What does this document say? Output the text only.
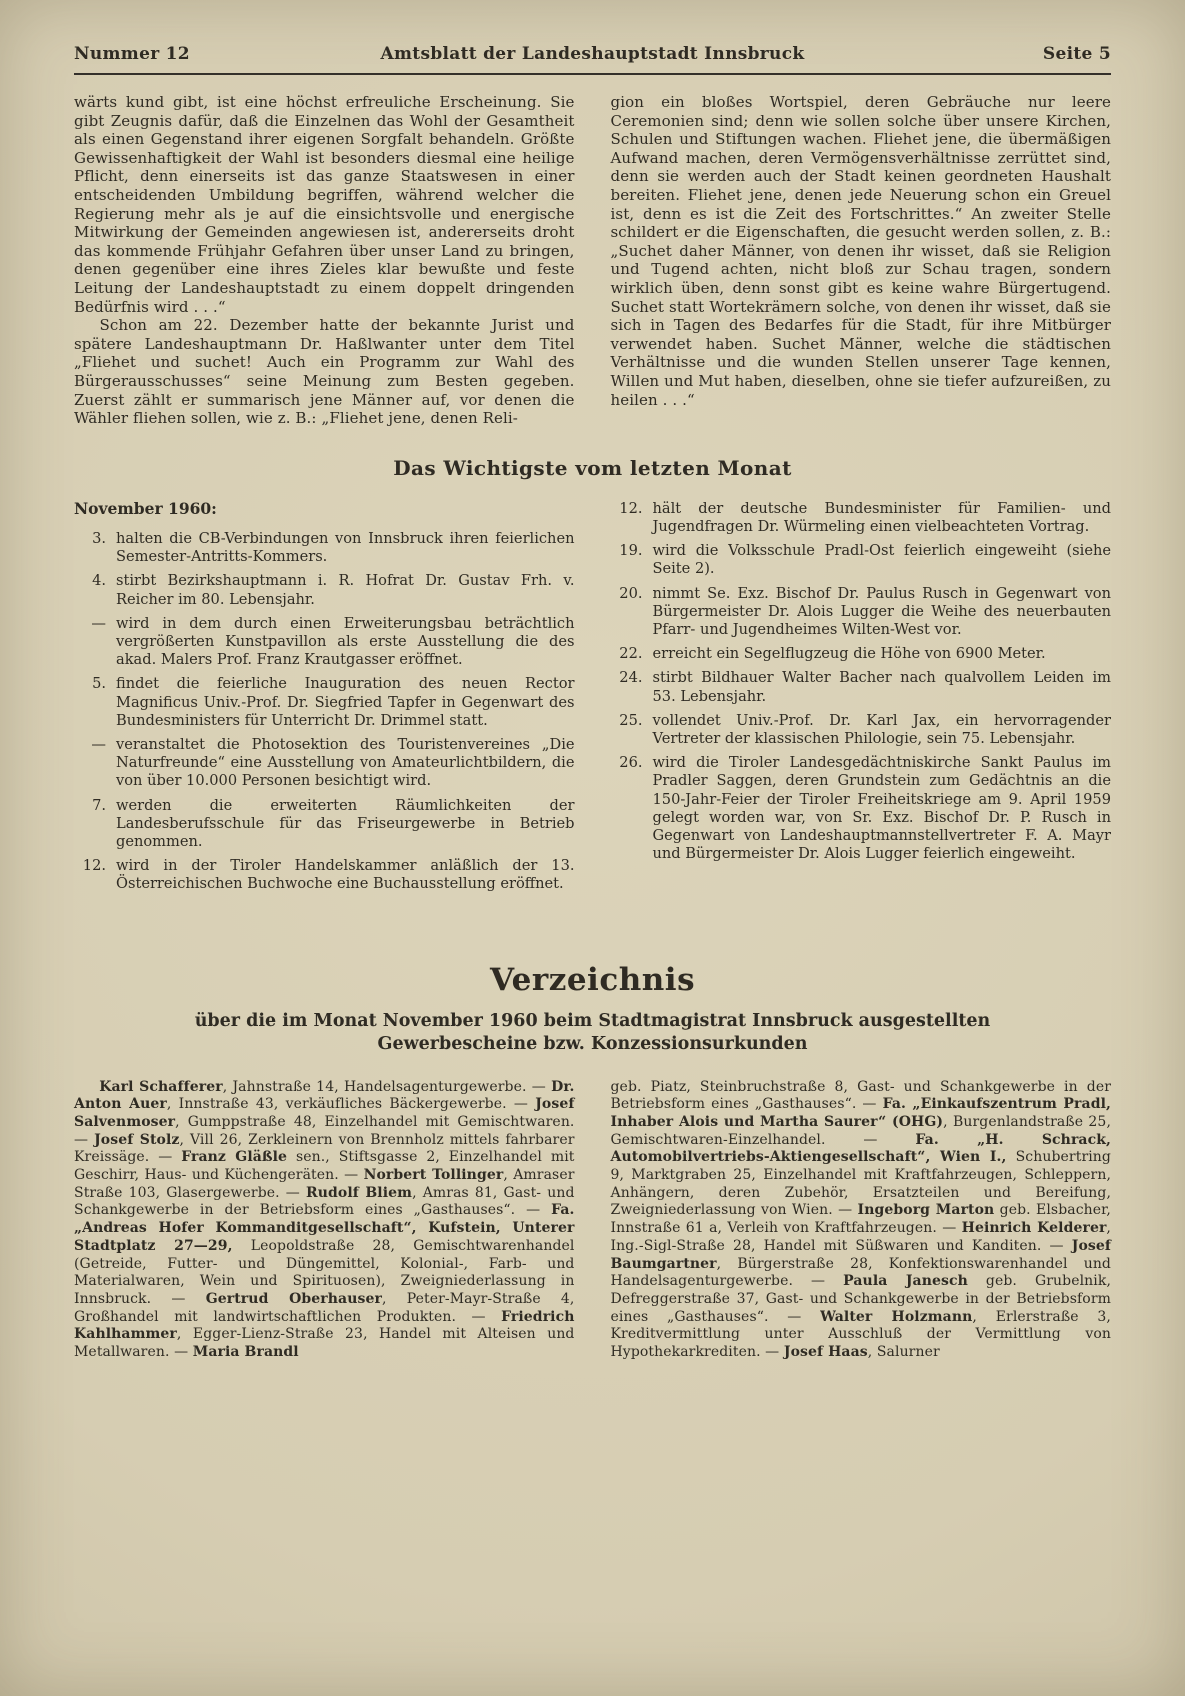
Nummer 12	Amtsblatt der Landeshauptstadt Innsbruck	Seite 5

wärts kund gibt, ist eine höchst erfreuliche Erscheinung. Sie gibt Zeugnis dafür, daß die Einzelnen das Wohl der Gesamtheit als einen Gegenstand ihrer eigenen Sorgfalt behandeln. Größte Gewissenhaftigkeit der Wahl ist besonders diesmal eine heilige Pflicht, denn einerseits ist das ganze Staatswesen in einer entscheidenden Umbildung begriffen, während welcher die Regierung mehr als je auf die einsichtsvolle und energische Mitwirkung der Gemeinden angewiesen ist, andererseits droht das kommende Frühjahr Gefahren über unser Land zu bringen, denen gegenüber eine ihres Zieles klar bewußte und feste Leitung der Landeshauptstadt zu einem doppelt dringenden Bedürfnis wird . . .“

Schon am 22. Dezember hatte der bekannte Jurist und spätere Landeshauptmann Dr. Haßlwanter unter dem Titel „Fliehet und suchet! Auch ein Programm zur Wahl des Bürgerausschusses“ seine Meinung zum Besten gegeben. Zuerst zählt er summarisch jene Männer auf, vor denen die Wähler fliehen sollen, wie z. B.: „Fliehet jene, denen Reli-

gion ein bloßes Wortspiel, deren Gebräuche nur leere Ceremonien sind; denn wie sollen solche über unsere Kirchen, Schulen und Stiftungen wachen. Fliehet jene, die übermäßigen Aufwand machen, deren Vermögensverhältnisse zerrüttet sind, denn sie werden auch der Stadt keinen geordneten Haushalt bereiten. Fliehet jene, denen jede Neuerung schon ein Greuel ist, denn es ist die Zeit des Fortschrittes.“ An zweiter Stelle schildert er die Eigenschaften, die gesucht werden sollen, z. B.: „Suchet daher Männer, von denen ihr wisset, daß sie Religion und Tugend achten, nicht bloß zur Schau tragen, sondern wirklich üben, denn sonst gibt es keine wahre Bürgertugend. Suchet statt Wortekrämern solche, von denen ihr wisset, daß sie sich in Tagen des Bedarfes für die Stadt, für ihre Mitbürger verwendet haben. Suchet Männer, welche die städtischen Verhältnisse und die wunden Stellen unserer Tage kennen, Willen und Mut haben, dieselben, ohne sie tiefer aufzureißen, zu heilen . . .“

Das Wichtigste vom letzten Monat
November 1960:
3. halten die CB-Verbindungen von Innsbruck ihren feierlichen Semester-Antritts-Kommers.
4. stirbt Bezirkshauptmann i. R. Hofrat Dr. Gustav Frh. v. Reicher im 80. Lebensjahr.
— wird in dem durch einen Erweiterungsbau beträchtlich vergrößerten Kunstpavillon als erste Ausstellung die des akad. Malers Prof. Franz Krautgasser eröffnet.
5. findet die feierliche Inauguration des neuen Rector Magnificus Univ.-Prof. Dr. Siegfried Tapfer in Gegenwart des Bundesministers für Unterricht Dr. Drimmel statt.
— veranstaltet die Photosektion des Touristenvereines „Die Naturfreunde“ eine Ausstellung von Amateurlichtbildern, die von über 10.000 Personen besichtigt wird.
7. werden die erweiterten Räumlichkeiten der Landesberufsschule für das Friseurgewerbe in Betrieb genommen.
12. wird in der Tiroler Handelskammer anläßlich der 13. Österreichischen Buchwoche eine Buchausstellung eröffnet.
12. hält der deutsche Bundesminister für Familien- und Jugendfragen Dr. Würmeling einen vielbeachteten Vortrag.
19. wird die Volksschule Pradl-Ost feierlich eingeweiht (siehe Seite 2).
20. nimmt Se. Exz. Bischof Dr. Paulus Rusch in Gegenwart von Bürgermeister Dr. Alois Lugger die Weihe des neuerbauten Pfarr- und Jugendheimes Wilten-West vor.
22. erreicht ein Segelflugzeug die Höhe von 6900 Meter.
24. stirbt Bildhauer Walter Bacher nach qualvollem Leiden im 53. Lebensjahr.
25. vollendet Univ.-Prof. Dr. Karl Jax, ein hervorragender Vertreter der klassischen Philologie, sein 75. Lebensjahr.
26. wird die Tiroler Landesgedächtniskirche Sankt Paulus im Pradler Saggen, deren Grundstein zum Gedächtnis an die 150-Jahr-Feier der Tiroler Freiheitskriege am 9. April 1959 gelegt worden war, von Sr. Exz. Bischof Dr. P. Rusch in Gegenwart von Landeshauptmannstellvertreter F. A. Mayr und Bürgermeister Dr. Alois Lugger feierlich eingeweiht.
Verzeichnis
über die im Monat November 1960 beim Stadtmagistrat Innsbruck ausgestellten
Gewerbescheine bzw. Konzessionsurkunden

Karl Schafferer, Jahnstraße 14, Handelsagenturgewerbe. — Dr. Anton Auer, Innstraße 43, verkäufliches Bäckergewerbe. — Josef Salvenmoser, Gumppstraße 48, Einzelhandel mit Gemischtwaren. — Josef Stolz, Vill 26, Zerkleinern von Brennholz mittels fahrbarer Kreissäge. — Franz Gläßle sen., Stiftsgasse 2, Einzelhandel mit Geschirr, Haus- und Küchengeräten. — Norbert Tollinger, Amraser Straße 103, Glasergewerbe. — Rudolf Bliem, Amras 81, Gast- und Schankgewerbe in der Betriebsform eines „Gasthauses“. — Fa. „Andreas Hofer Kommanditgesellschaft“, Kufstein, Unterer Stadtplatz 27—29, Leopoldstraße 28, Gemischtwarenhandel (Getreide, Futter- und Düngemittel, Kolonial-, Farb- und Materialwaren, Wein und Spirituosen), Zweigniederlassung in Innsbruck. — Gertrud Oberhauser, Peter-Mayr-Straße 4, Großhandel mit landwirtschaftlichen Produkten. — Friedrich Kahlhammer, Egger-Lienz-Straße 23, Handel mit Alteisen und Metallwaren. — Maria Brandl

geb. Piatz, Steinbruchstraße 8, Gast- und Schankgewerbe in der Betriebsform eines „Gasthauses“. — Fa. „Einkaufszentrum Pradl, Inhaber Alois und Martha Saurer“ (OHG), Burgenlandstraße 25, Gemischtwaren-Einzelhandel. — Fa. „H. Schrack, Automobilvertriebs-Aktiengesellschaft“, Wien I., Schubertring 9, Marktgraben 25, Einzelhandel mit Kraftfahrzeugen, Schleppern, Anhängern, deren Zubehör, Ersatzteilen und Bereifung, Zweigniederlassung von Wien. — Ingeborg Marton geb. Elsbacher, Innstraße 61 a, Verleih von Kraftfahrzeugen. — Heinrich Kelderer, Ing.-Sigl-Straße 28, Handel mit Süßwaren und Kanditen. — Josef Baumgartner, Bürgerstraße 28, Konfektionswarenhandel und Handelsagenturgewerbe. — Paula Janesch geb. Grubelnik, Defreggerstraße 37, Gast- und Schankgewerbe in der Betriebsform eines „Gasthauses“. — Walter Holzmann, Erlerstraße 3, Kreditvermittlung unter Ausschluß der Vermittlung von Hypothekarkrediten. — Josef Haas, Salurner
